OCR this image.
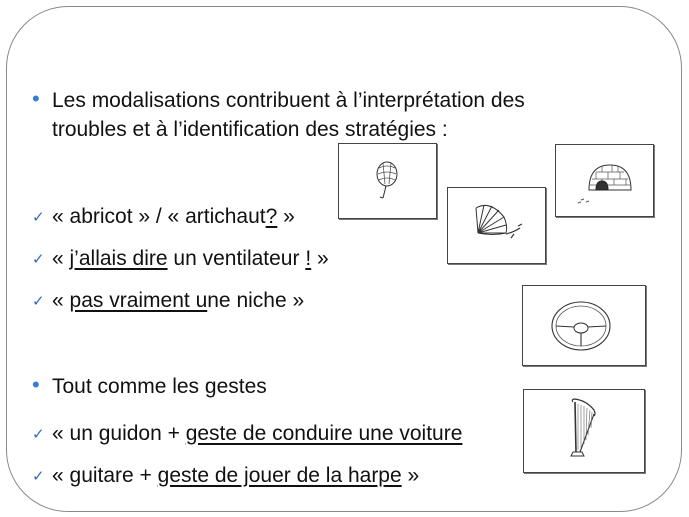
• Les modalisations contribuent à l’interprétation des
troubles et à l’identification des stratégies :
✓ « abricot » / « artichaut? »
✓ « j’allais dire un ventilateur ! »
✓ « pas vraiment une niche »
• Tout comme les gestes
✓ « un guidon + geste de conduire une voiture
✓ « guitare + geste de jouer de la harpe »
